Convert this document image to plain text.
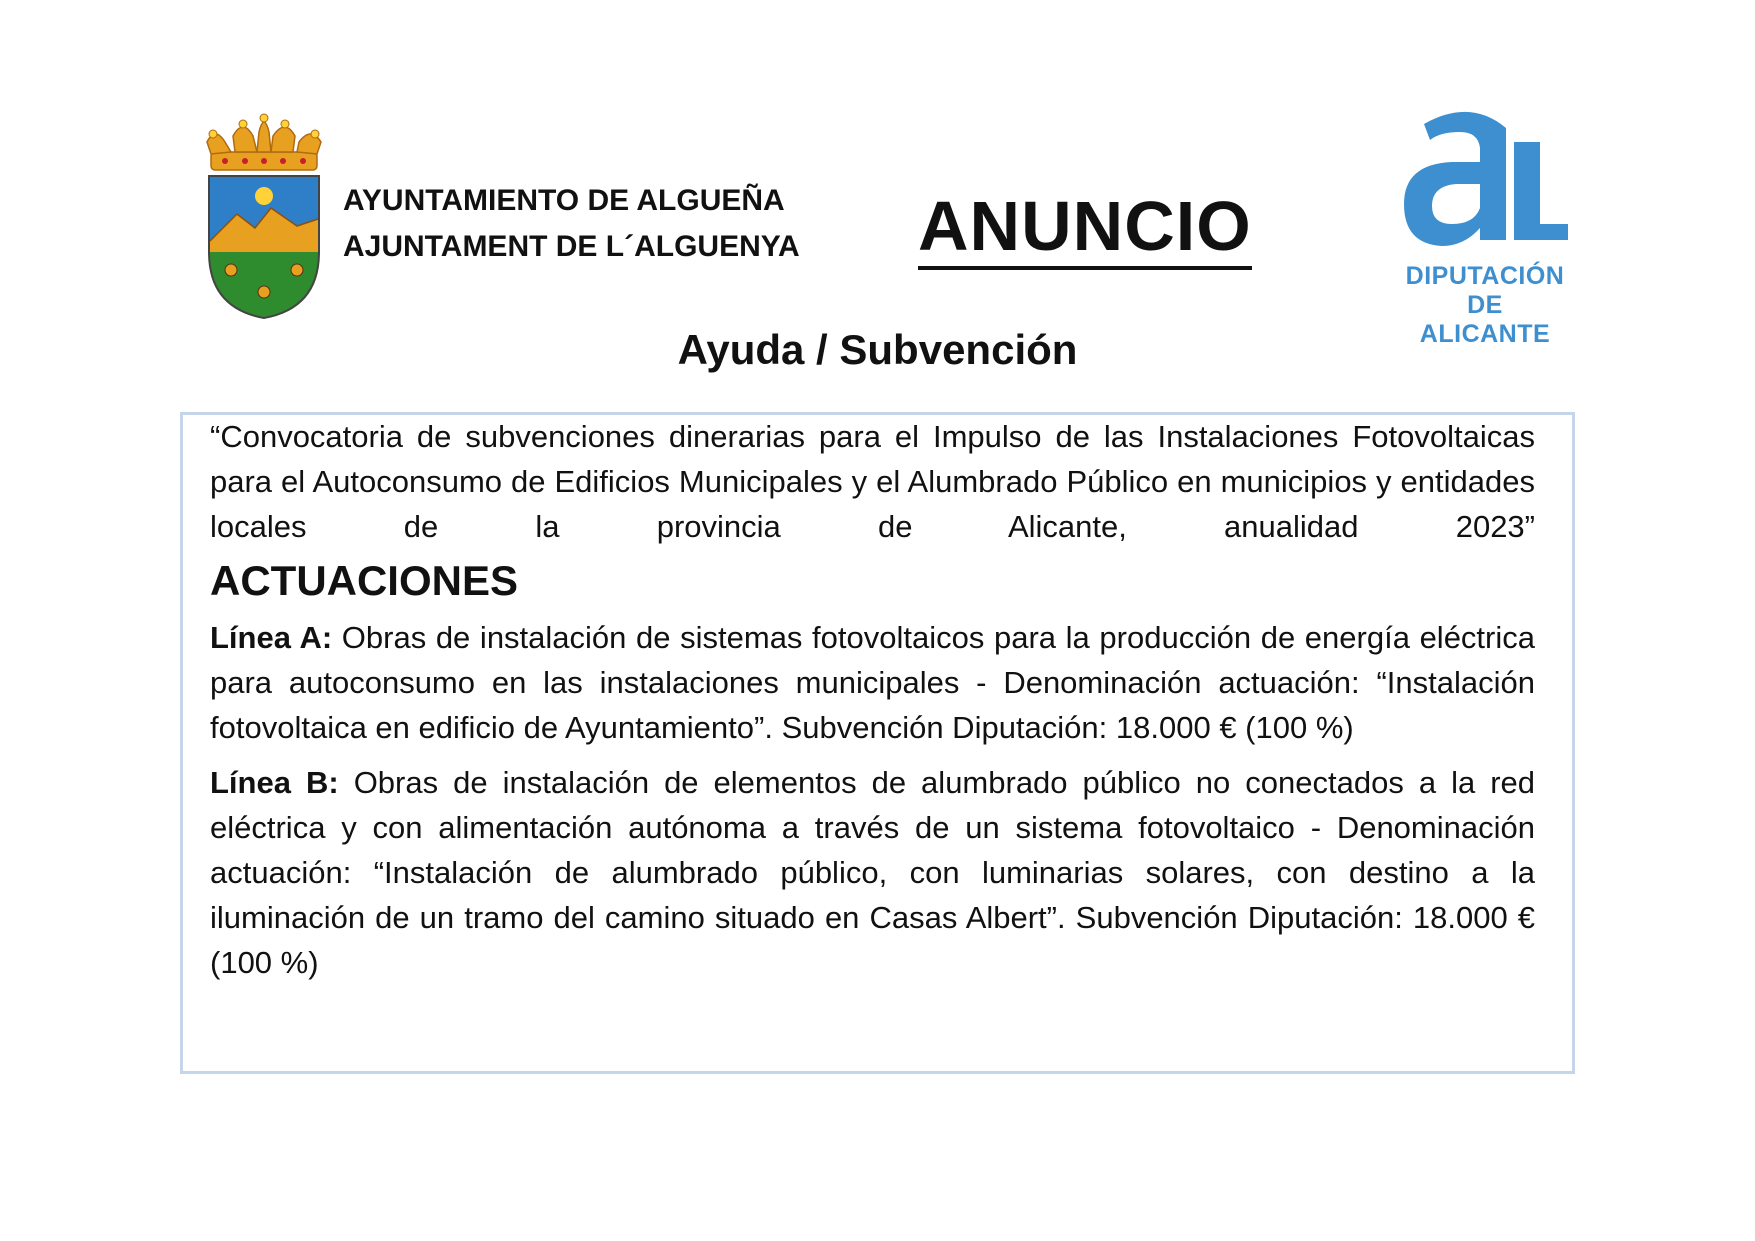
AYUNTAMIENTO DE ALGUEÑA
AJUNTAMENT DE L´ALGUENYA ANUNCIO
DIPUTACIÓN
DE ALICANTE
Ayuda / Subvención

“Convocatoria de subvenciones dinerarias para el Impulso de las Instalaciones Fotovoltaicas para el Autoconsumo de Edificios Municipales y el Alumbrado Público en municipios y entidades locales de la provincia de Alicante, anualidad 2023”

ACTUACIONES

Línea A: Obras de instalación de sistemas fotovoltaicos para la producción de energía eléctrica para autoconsumo en las instalaciones municipales - Denominación actuación: “Instalación fotovoltaica en edificio de Ayuntamiento”. Subvención Diputación: 18.000 € (100 %)

Línea B: Obras de instalación de elementos de alumbrado público no conectados a la red eléctrica y con alimentación autónoma a través de un sistema fotovoltaico - Denominación actuación: “Instalación de alumbrado público, con luminarias solares, con destino a la iluminación de un tramo del camino situado en Casas Albert”. Subvención Diputación: 18.000 € (100 %)
